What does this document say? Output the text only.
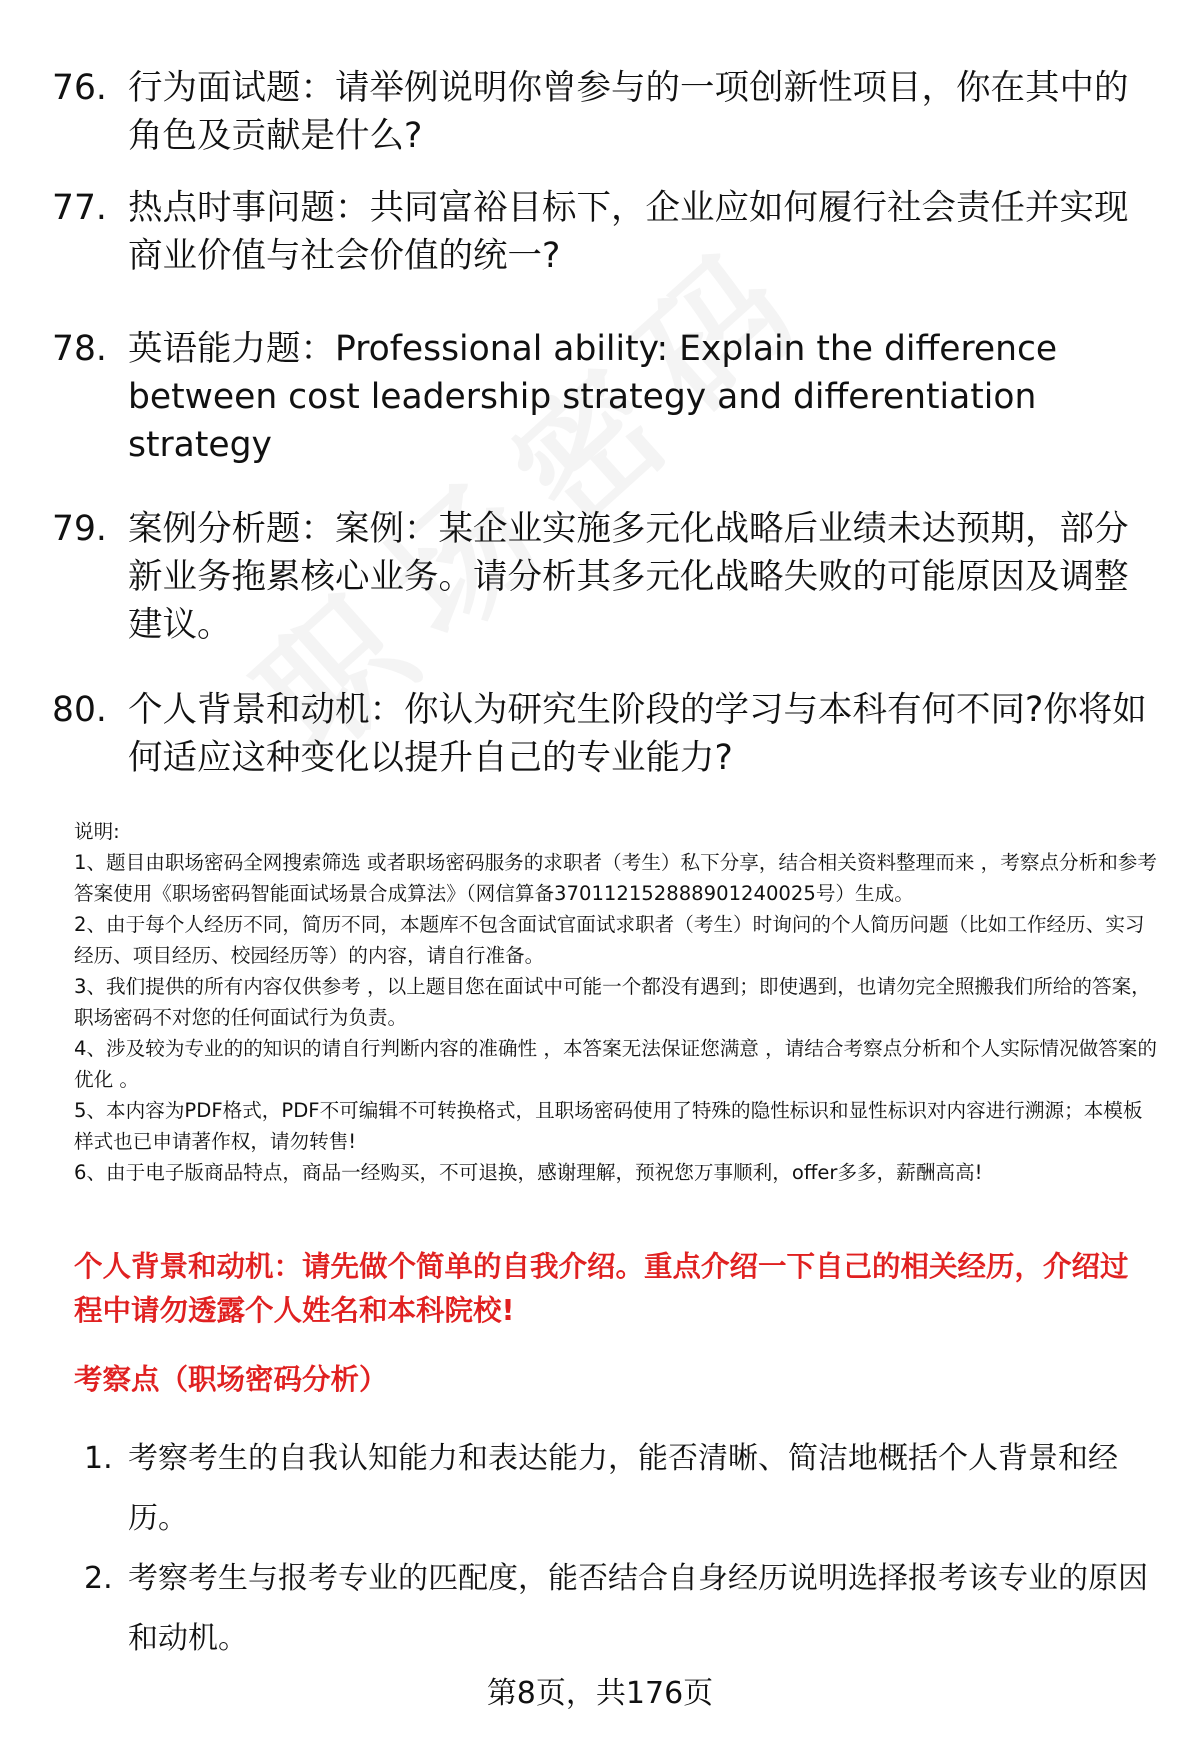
76. 行为面试题：请举例说明你曾参与的一项创新性项目，你在其中的角色及贡献是什么?
77. 热点时事问题：共同富裕目标下，企业应如何履行社会责任并实现商业价值与社会价值的统一?
78. 英语能力题：Professional ability: Explain the difference between cost leadership strategy and differentiation strategy
79. 案例分析题：案例：某企业实施多元化战略后业绩未达预期，部分新业务拖累核心业务。请分析其多元化战略失败的可能原因及调整建议。
80. 个人背景和动机：你认为研究生阶段的学习与本科有何不同?你将如何适应这种变化以提升自己的专业能力?
说明:
1、题目由职场密码全网搜索筛选 或者职场密码服务的求职者（考生）私下分享，结合相关资料整理而来 ，考察点分析和参考答案使用《职场密码智能面试场景合成算法》（网信算备370112152888901240025号）生成。
2、由于每个人经历不同，简历不同，本题库不包含面试官面试求职者（考生）时询问的个人简历问题（比如工作经历、实习经历、项目经历、校园经历等）的内容，请自行准备。
3、我们提供的所有内容仅供参考 ，以上题目您在面试中可能一个都没有遇到；即使遇到，也请勿完全照搬我们所给的答案，职场密码不对您的任何面试行为负责。
4、涉及较为专业的的知识的请自行判断内容的准确性 ，本答案无法保证您满意 ，请结合考察点分析和个人实际情况做答案的优化 。
5、本内容为PDF格式，PDF不可编辑不可转换格式，且职场密码使用了特殊的隐性标识和显性标识对内容进行溯源；本模板样式也已申请著作权，请勿转售!
6、由于电子版商品特点，商品一经购买，不可退换，感谢理解，预祝您万事顺利，offer多多，薪酬高高!
个人背景和动机：请先做个简单的自我介绍。重点介绍一下自己的相关经历，介绍过程中请勿透露个人姓名和本科院校!
考察点（职场密码分析）
1. 考察考生的自我认知能力和表达能力，能否清晰、简洁地概括个人背景和经历。
2. 考察考生与报考专业的匹配度，能否结合自身经历说明选择报考该专业的原因和动机。
第8页，共176页
